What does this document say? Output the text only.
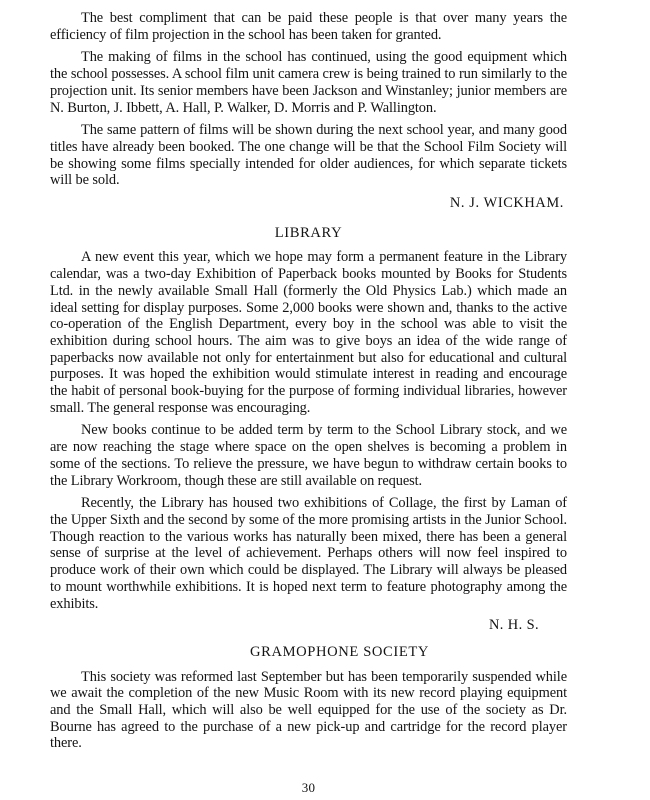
The best compliment that can be paid these people is that over many years the efficiency of film projection in the school has been taken for granted.

The making of films in the school has continued, using the good equipment which the school possesses. A school film unit camera crew is being trained to run similarly to the projection unit. Its senior members have been Jackson and Winstanley; junior members are N. Burton, J. Ibbett, A. Hall, P. Walker, D. Morris and P. Wallington.

The same pattern of films will be shown during the next school year, and many good titles have already been booked. The one change will be that the School Film Society will be showing some films specially intended for older audiences, for which separate tickets will be sold.

N. J. WICKHAM.
LIBRARY

A new event this year, which we hope may form a permanent feature in the Library calendar, was a two-day Exhibition of Paperback books mounted by Books for Students Ltd. in the newly available Small Hall (formerly the Old Physics Lab.) which made an ideal setting for display purposes. Some 2,000 books were shown and, thanks to the active co-operation of the English Department, every boy in the school was able to visit the exhibition during school hours. The aim was to give boys an idea of the wide range of paperbacks now available not only for entertainment but also for educational and cultural purposes. It was hoped the exhibition would stimulate interest in reading and encourage the habit of personal book-buying for the purpose of forming individual libraries, however small. The general response was encouraging.

New books continue to be added term by term to the School Library stock, and we are now reaching the stage where space on the open shelves is becoming a problem in some of the sections. To relieve the pressure, we have begun to withdraw certain books to the Library Workroom, though these are still available on request.

Recently, the Library has housed two exhibitions of Collage, the first by Laman of the Upper Sixth and the second by some of the more promising artists in the Junior School. Though reaction to the various works has naturally been mixed, there has been a general sense of surprise at the level of achievement. Perhaps others will now feel inspired to produce work of their own which could be displayed. The Library will always be pleased to mount worthwhile exhibitions. It is hoped next term to feature photography among the exhibits.

N. H. S.
GRAMOPHONE SOCIETY

This society was reformed last September but has been temporarily suspended while we await the completion of the new Music Room with its new record playing equipment and the Small Hall, which will also be well equipped for the use of the society as Dr. Bourne has agreed to the purchase of a new pick-up and cartridge for the record player there.

30
